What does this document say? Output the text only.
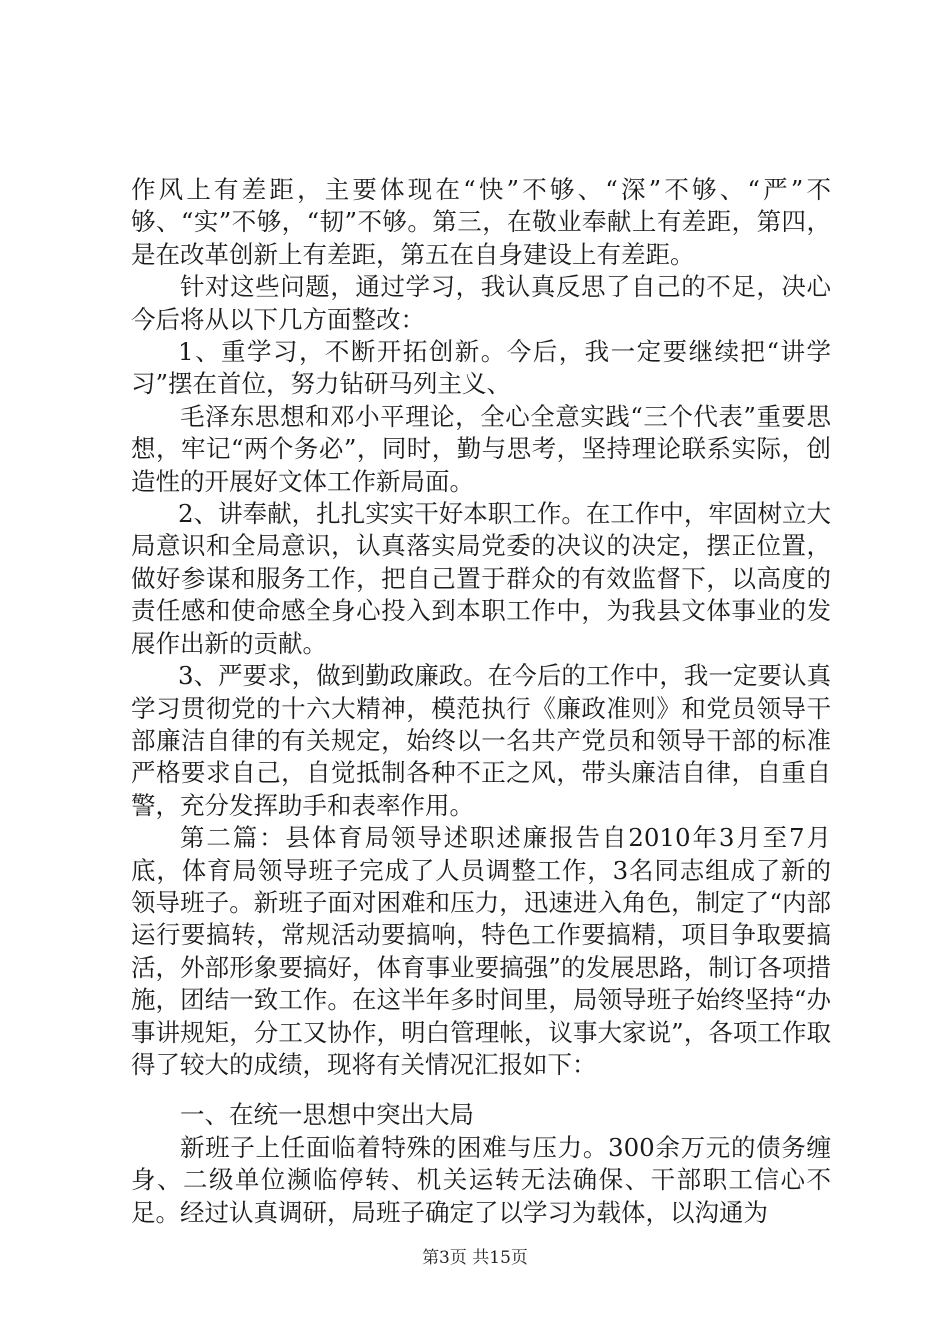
作风上有差距，主要体现在“快”不够、“深”不够、“严”不够、“实”不够，“韧”不够。第三，在敬业奉献上有差距，第四，是在改革创新上有差距，第五在自身建设上有差距。

针对这些问题，通过学习，我认真反思了自己的不足，决心今后将从以下几方面整改：

1、重学习，不断开拓创新。今后，我一定要继续把“讲学习”摆在首位，努力钻研马列主义、

毛泽东思想和邓小平理论，全心全意实践“三个代表”重要思想，牢记“两个务必”，同时，勤与思考，坚持理论联系实际，创造性的开展好文体工作新局面。

2、讲奉献，扎扎实实干好本职工作。在工作中，牢固树立大局意识和全局意识，认真落实局党委的决议的决定，摆正位置，做好参谋和服务工作，把自己置于群众的有效监督下，以高度的责任感和使命感全身心投入到本职工作中，为我县文体事业的发展作出新的贡献。

3、严要求，做到勤政廉政。在今后的工作中，我一定要认真学习贯彻党的十六大精神，模范执行《廉政准则》和党员领导干部廉洁自律的有关规定，始终以一名共产党员和领导干部的标准严格要求自己，自觉抵制各种不正之风，带头廉洁自律，自重自警，充分发挥助手和表率作用。

第二篇：县体育局领导述职述廉报告自2010年3月至7月底，体育局领导班子完成了人员调整工作，3名同志组成了新的领导班子。新班子面对困难和压力，迅速进入角色，制定了“内部运行要搞转，常规活动要搞响，特色工作要搞精，项目争取要搞活，外部形象要搞好，体育事业要搞强”的发展思路，制订各项措施，团结一致工作。在这半年多时间里，局领导班子始终坚持“办事讲规矩，分工又协作，明白管理帐，议事大家说”，各项工作取得了较大的成绩，现将有关情况汇报如下：

一、在统一思想中突出大局

新班子上任面临着特殊的困难与压力。300余万元的债务缠身、二级单位濒临停转、机关运转无法确保、干部职工信心不足。经过认真调研，局班子确定了以学习为载体，以沟通为

第3页 共15页
